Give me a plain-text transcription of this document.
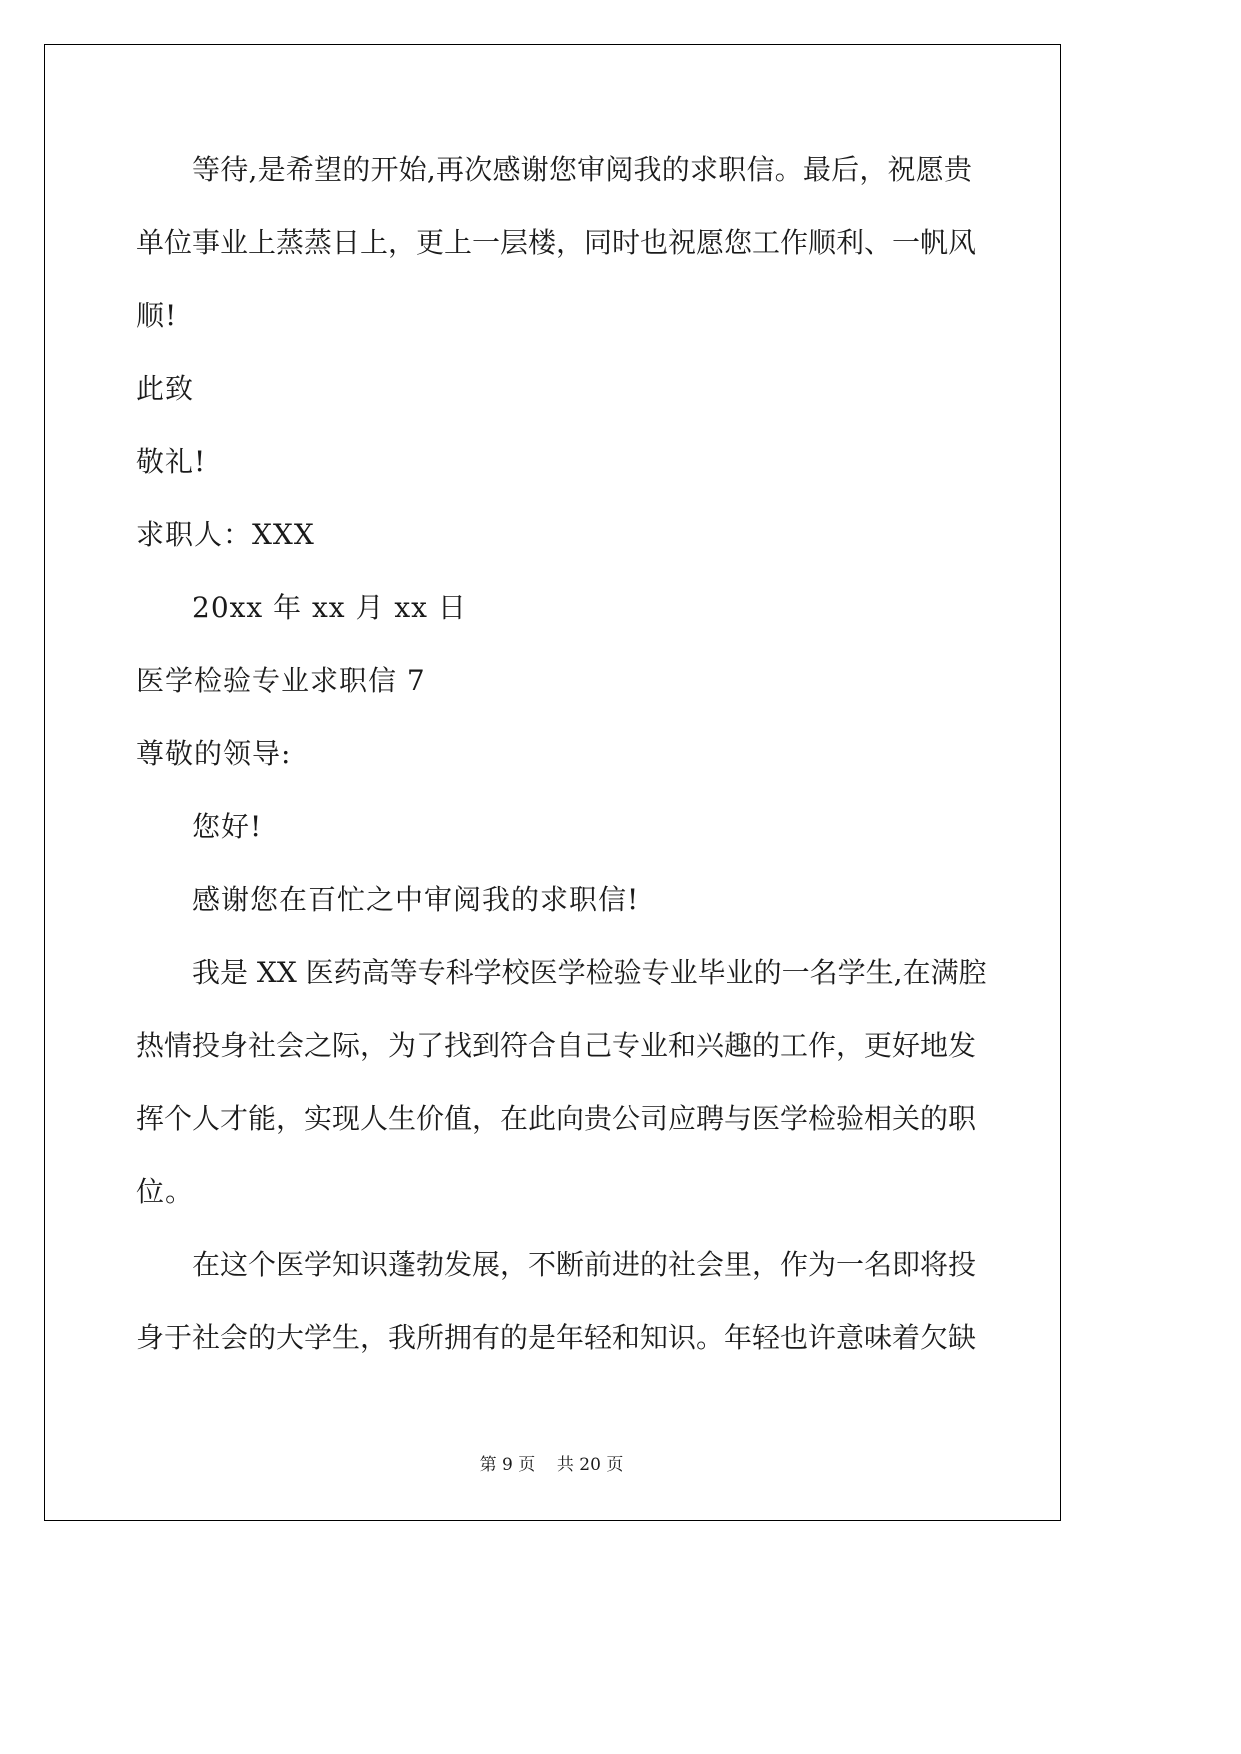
等待,是希望的开始,再次感谢您审阅我的求职信。最后，祝愿贵

单位事业上蒸蒸日上，更上一层楼，同时也祝愿您工作顺利、一帆风

顺!

此致

敬礼!

求职人：XXX

20xx 年 xx 月 xx 日

医学检验专业求职信 7

尊敬的领导:

您好!

感谢您在百忙之中审阅我的求职信!

我是 XX 医药高等专科学校医学检验专业毕业的一名学生,在满腔

热情投身社会之际，为了找到符合自己专业和兴趣的工作，更好地发

挥个人才能，实现人生价值，在此向贵公司应聘与医学检验相关的职

位。

在这个医学知识蓬勃发展，不断前进的社会里，作为一名即将投

身于社会的大学生，我所拥有的是年轻和知识。年轻也许意味着欠缺

第 9 页    共 20 页
